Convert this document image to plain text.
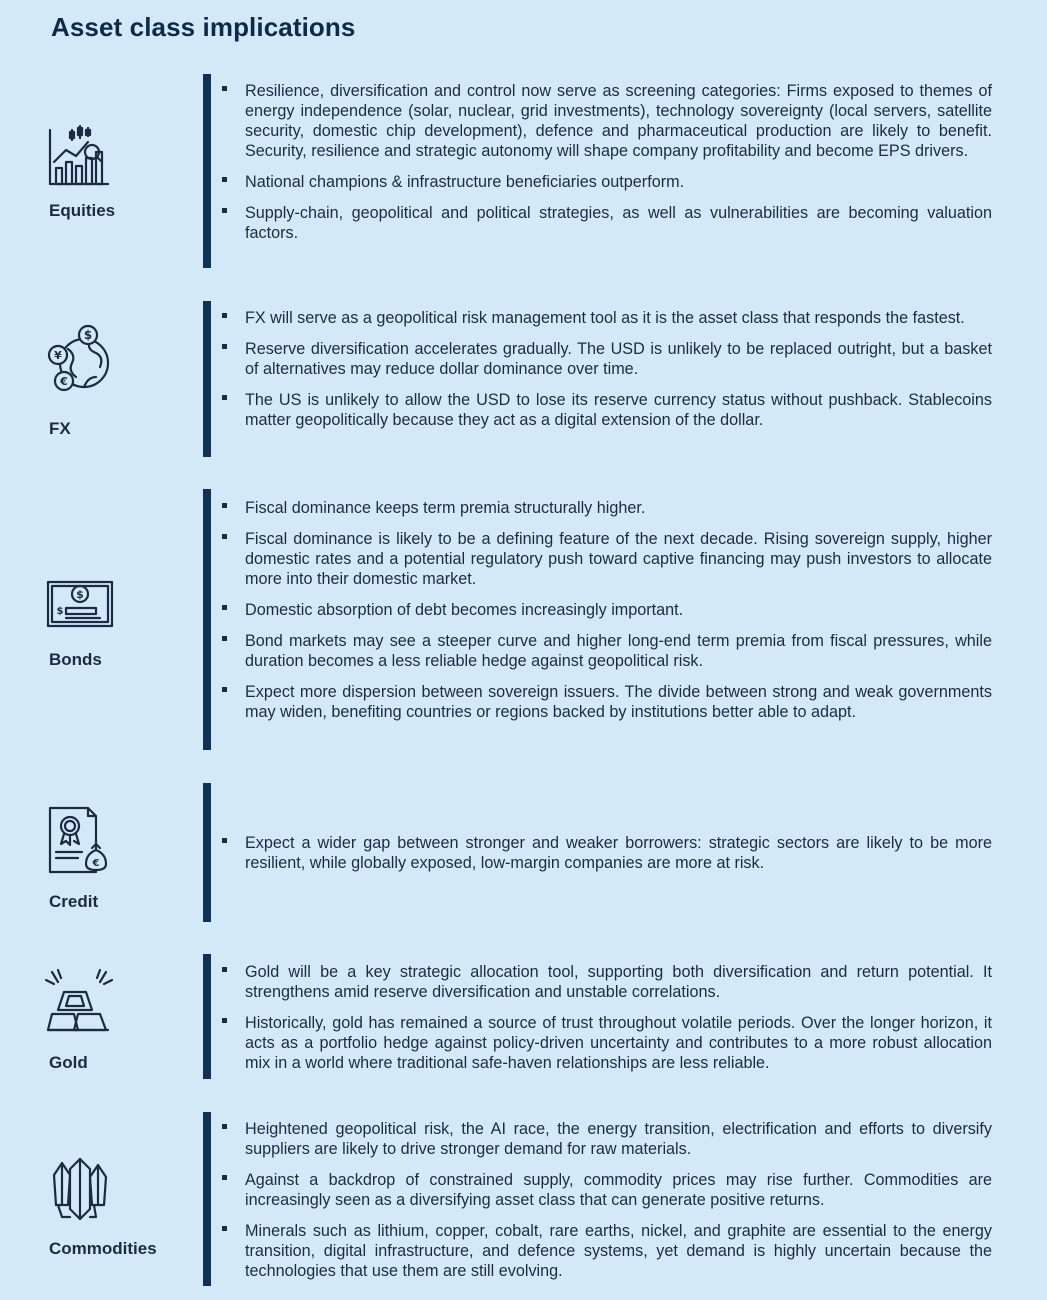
Asset class implications
Equities
Resilience, diversification and control now serve as screening categories: Firms exposed to themes of energy independence (solar, nuclear, grid investments), technology sovereignty (local servers, satellite security, domestic chip development), defence and pharmaceutical production are likely to benefit. Security, resilience and strategic autonomy will shape company profitability and become EPS drivers.
National champions & infrastructure beneficiaries outperform.
Supply-chain, geopolitical and political strategies, as well as vulnerabilities are becoming valuation factors.
$
¥
€
FX
FX will serve as a geopolitical risk management tool as it is the asset class that responds the fastest.
Reserve diversification accelerates gradually. The USD is unlikely to be replaced outright, but a basket of alternatives may reduce dollar dominance over time.
The US is unlikely to allow the USD to lose its reserve currency status without pushback. Stablecoins matter geopolitically because they act as a digital extension of the dollar.
$
$
Bonds
Fiscal dominance keeps term premia structurally higher.
Fiscal dominance is likely to be a defining feature of the next decade. Rising sovereign supply, higher domestic rates and a potential regulatory push toward captive financing may push investors to allocate more into their domestic market.
Domestic absorption of debt becomes increasingly important.
Bond markets may see a steeper curve and higher long-end term premia from fiscal pressures, while duration becomes a less reliable hedge against geopolitical risk.
Expect more dispersion between sovereign issuers. The divide between strong and weak governments may widen, benefiting countries or regions backed by institutions better able to adapt.
€
Credit
Expect a wider gap between stronger and weaker borrowers: strategic sectors are likely to be more resilient, while globally exposed, low-margin companies are more at risk.
Gold
Gold will be a key strategic allocation tool, supporting both diversification and return potential. It strengthens amid reserve diversification and unstable correlations.
Historically, gold has remained a source of trust throughout volatile periods. Over the longer horizon, it acts as a portfolio hedge against policy-driven uncertainty and contributes to a more robust allocation mix in a world where traditional safe-haven relationships are less reliable.
Commodities
Heightened geopolitical risk, the AI race, the energy transition, electrification and efforts to diversify suppliers are likely to drive stronger demand for raw materials.
Against a backdrop of constrained supply, commodity prices may rise further. Commodities are increasingly seen as a diversifying asset class that can generate positive returns.
Minerals such as lithium, copper, cobalt, rare earths, nickel, and graphite are essential to the energy transition, digital infrastructure, and defence systems, yet demand is highly uncertain because the technologies that use them are still evolving.
